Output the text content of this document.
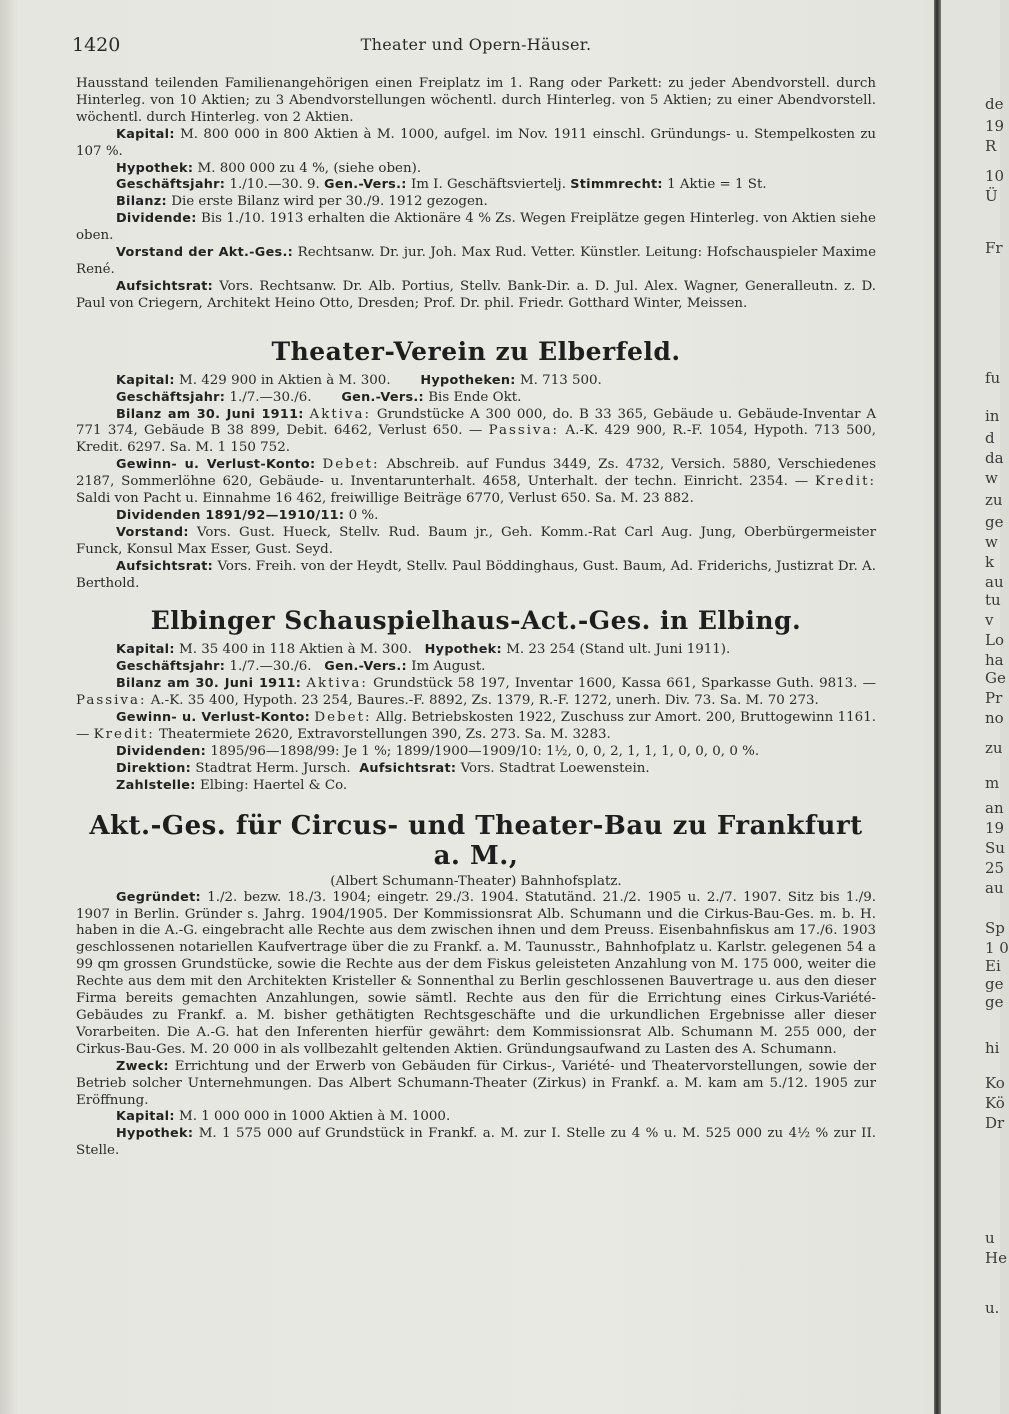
1420	Theater und Opern-Häuser.

Hausstand teilenden Familienangehörigen einen Freiplatz im 1. Rang oder Parkett: zu jeder Abendvorstell. durch Hinterleg. von 10 Aktien; zu 3 Abendvorstellungen wöchentl. durch Hinterleg. von 5 Aktien; zu einer Abendvorstell. wöchentl. durch Hinterleg. von 2 Aktien.

Kapital: M. 800 000 in 800 Aktien à M. 1000, aufgel. im Nov. 1911 einschl. Gründungs- u. Stempelkosten zu 107 %.

Hypothek: M. 800 000 zu 4 %, (siehe oben).

Geschäftsjahr: 1./10.—30. 9. Gen.-Vers.: Im I. Geschäftsviertelj. Stimmrecht: 1 Aktie = 1 St.

Bilanz: Die erste Bilanz wird per 30./9. 1912 gezogen.

Dividende: Bis 1./10. 1913 erhalten die Aktionäre 4 % Zs. Wegen Freiplätze gegen Hinterleg. von Aktien siehe oben.

Vorstand der Akt.-Ges.: Rechtsanw. Dr. jur. Joh. Max Rud. Vetter. Künstler. Leitung: Hofschauspieler Maxime René.

Aufsichtsrat: Vors. Rechtsanw. Dr. Alb. Portius, Stellv. Bank-Dir. a. D. Jul. Alex. Wagner, Generalleutn. z. D. Paul von Criegern, Architekt Heino Otto, Dresden; Prof. Dr. phil. Friedr. Gotthard Winter, Meissen.

Theater-Verein zu Elberfeld.

Kapital: M. 429 900 in Aktien à M. 300. Hypotheken: M. 713 500.

Geschäftsjahr: 1./7.—30./6. Gen.-Vers.: Bis Ende Okt.

Bilanz am 30. Juni 1911: Aktiva: Grundstücke A 300 000, do. B 33 365, Gebäude u. Gebäude-Inventar A 771 374, Gebäude B 38 899, Debit. 6462, Verlust 650. — Passiva: A.-K. 429 900, R.-F. 1054, Hypoth. 713 500, Kredit. 6297. Sa. M. 1 150 752.

Gewinn- u. Verlust-Konto: Debet: Abschreib. auf Fundus 3449, Zs. 4732, Versich. 5880, Verschiedenes 2187, Sommerlöhne 620, Gebäude- u. Inventarunterhalt. 4658, Unterhalt. der techn. Einricht. 2354. — Kredit: Saldi von Pacht u. Einnahme 16 462, freiwillige Beiträge 6770, Verlust 650. Sa. M. 23 882.

Dividenden 1891/92—1910/11: 0 %.

Vorstand: Vors. Gust. Hueck, Stellv. Rud. Baum jr., Geh. Komm.-Rat Carl Aug. Jung, Oberbürgermeister Funck, Konsul Max Esser, Gust. Seyd.

Aufsichtsrat: Vors. Freih. von der Heydt, Stellv. Paul Böddinghaus, Gust. Baum, Ad. Friderichs, Justizrat Dr. A. Berthold.

Elbinger Schauspielhaus-Act.-Ges. in Elbing.

Kapital: M. 35 400 in 118 Aktien à M. 300. Hypothek: M. 23 254 (Stand ult. Juni 1911).

Geschäftsjahr: 1./7.—30./6. Gen.-Vers.: Im August.

Bilanz am 30. Juni 1911: Aktiva: Grundstück 58 197, Inventar 1600, Kassa 661, Sparkasse Guth. 9813. — Passiva: A.-K. 35 400, Hypoth. 23 254, Baures.-F. 8892, Zs. 1379, R.-F. 1272, unerh. Div. 73. Sa. M. 70 273.

Gewinn- u. Verlust-Konto: Debet: Allg. Betriebskosten 1922, Zuschuss zur Amort. 200, Bruttogewinn 1161. — Kredit: Theatermiete 2620, Extravorstellungen 390, Zs. 273. Sa. M. 3283.

Dividenden: 1895/96—1898/99: Je 1 %; 1899/1900—1909/10: 1½, 0, 0, 2, 1, 1, 1, 0, 0, 0, 0 %.

Direktion: Stadtrat Herm. Jursch. Aufsichtsrat: Vors. Stadtrat Loewenstein.

Zahlstelle: Elbing: Haertel & Co.

Akt.-Ges. für Circus- und Theater-Bau zu Frankfurt a. M.,
(Albert Schumann-Theater) Bahnhofsplatz.

Gegründet: 1./2. bezw. 18./3. 1904; eingetr. 29./3. 1904. Statutänd. 21./2. 1905 u. 2./7. 1907. Sitz bis 1./9. 1907 in Berlin. Gründer s. Jahrg. 1904/1905. Der Kommissionsrat Alb. Schumann und die Cirkus-Bau-Ges. m. b. H. haben in die A.-G. eingebracht alle Rechte aus dem zwischen ihnen und dem Preuss. Eisenbahnfiskus am 17./6. 1903 geschlossenen notariellen Kaufvertrage über die zu Frankf. a. M. Taunusstr., Bahnhofplatz u. Karlstr. gelegenen 54 a 99 qm grossen Grundstücke, sowie die Rechte aus der dem Fiskus geleisteten Anzahlung von M. 175 000, weiter die Rechte aus dem mit den Architekten Kristeller & Sonnenthal zu Berlin geschlossenen Bauvertrage u. aus den dieser Firma bereits gemachten Anzahlungen, sowie sämtl. Rechte aus den für die Errichtung eines Cirkus-Variété-Gebäudes zu Frankf. a. M. bisher gethätigten Rechtsgeschäfte und die urkundlichen Ergebnisse aller dieser Vorarbeiten. Die A.-G. hat den Inferenten hierfür gewährt: dem Kommissionsrat Alb. Schumann M. 255 000, der Cirkus-Bau-Ges. M. 20 000 in als vollbezahlt geltenden Aktien. Gründungsaufwand zu Lasten des A. Schumann.

Zweck: Errichtung und der Erwerb von Gebäuden für Cirkus-, Variété- und Theatervorstellungen, sowie der Betrieb solcher Unternehmungen. Das Albert Schumann-Theater (Zirkus) in Frankf. a. M. kam am 5./12. 1905 zur Eröffnung.

Kapital: M. 1 000 000 in 1000 Aktien à M. 1000.

Hypothek: M. 1 575 000 auf Grundstück in Frankf. a. M. zur I. Stelle zu 4 % u. M. 525 000 zu 4½ % zur II. Stelle.

de
19
R
10
Ü
Fr
fu
in
d
da
w
zu
ge
w
k
au
tu
v
Lo
ha
Ge
Pr
no
zu
m
an
19
Su
25
au
Sp
1 0
Ei
ge
ge
hi
Ko
Kö
Dr
u
He
u.
